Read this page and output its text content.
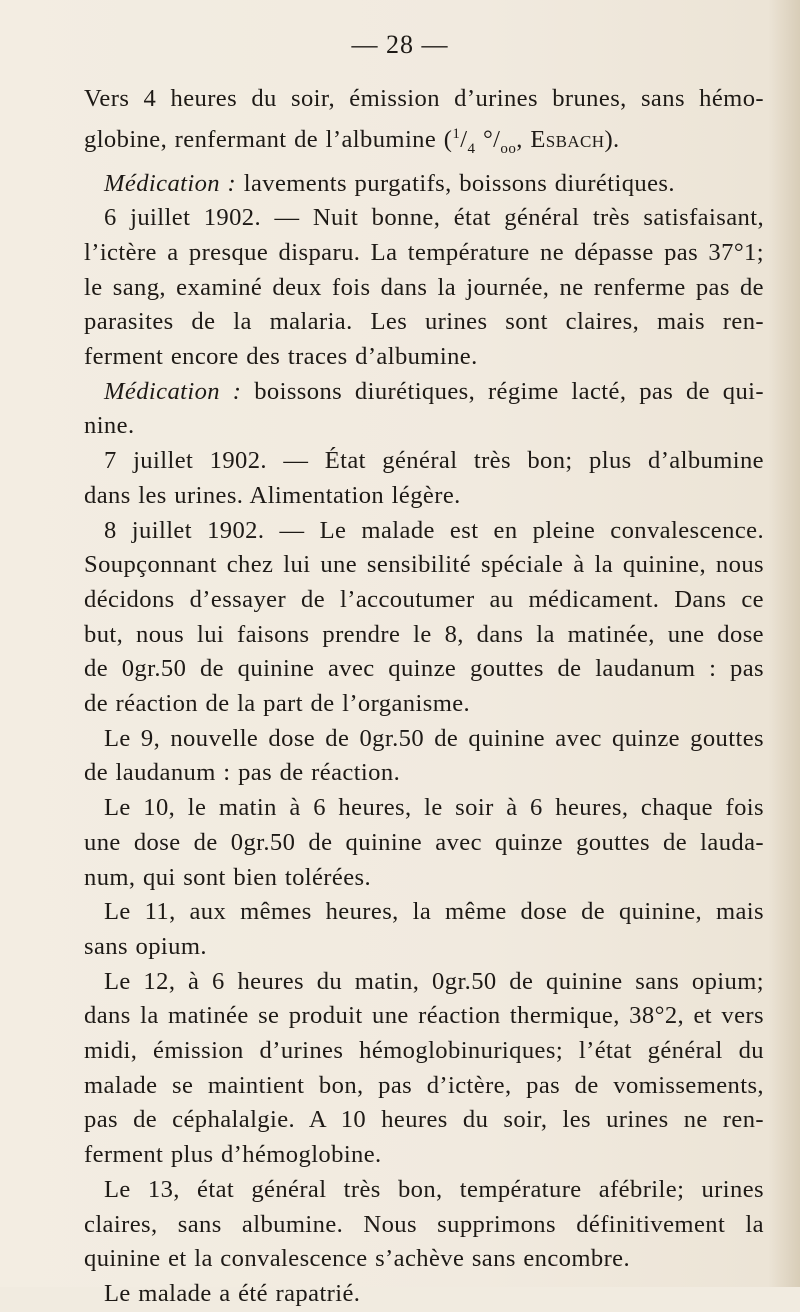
— 28 —
Vers 4 heures du soir, émission d’urines brunes, sans hémo-
globine, renfermant de l’albumine ($^1/_4$ $^\circ/_{oo}$, Esbach).
Médication : lavements purgatifs, boissons diurétiques.
6 juillet 1902. — Nuit bonne, état général très satisfaisant,
l’ictère a presque disparu. La température ne dépasse pas 37°1;
le sang, examiné deux fois dans la journée, ne renferme pas de
parasites de la malaria. Les urines sont claires, mais ren-
ferment encore des traces d’albumine.
Médication : boissons diurétiques, régime lacté, pas de qui-
nine.
7 juillet 1902. — État général très bon; plus d’albumine
dans les urines. Alimentation légère.
8 juillet 1902. — Le malade est en pleine convalescence.
Soupçonnant chez lui une sensibilité spéciale à la quinine, nous
décidons d’essayer de l’accoutumer au médicament. Dans ce
but, nous lui faisons prendre le 8, dans la matinée, une dose
de 0gr.50 de quinine avec quinze gouttes de laudanum : pas
de réaction de la part de l’organisme.
Le 9, nouvelle dose de 0gr.50 de quinine avec quinze gouttes
de laudanum : pas de réaction.
Le 10, le matin à 6 heures, le soir à 6 heures, chaque fois
une dose de 0gr.50 de quinine avec quinze gouttes de lauda-
num, qui sont bien tolérées.
Le 11, aux mêmes heures, la même dose de quinine, mais
sans opium.
Le 12, à 6 heures du matin, 0gr.50 de quinine sans opium;
dans la matinée se produit une réaction thermique, 38°2, et vers
midi, émission d’urines hémoglobinuriques; l’état général du
malade se maintient bon, pas d’ictère, pas de vomissements,
pas de céphalalgie. A 10 heures du soir, les urines ne ren-
ferment plus d’hémoglobine.
Le 13, état général très bon, température afébrile; urines
claires, sans albumine. Nous supprimons définitivement la
quinine et la convalescence s’achève sans encombre.
Le malade a été rapatrié.
